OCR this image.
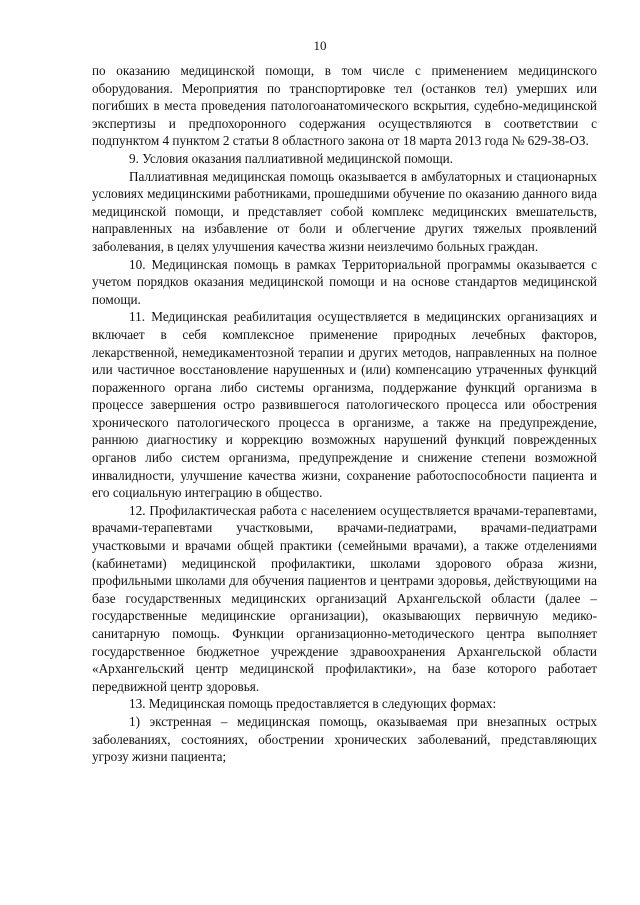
10

по оказанию медицинской помощи, в том числе с применением медицинского оборудования. Мероприятия по транспортировке тел (останков тел) умерших или погибших в места проведения патологоанатомического вскрытия, судебно-медицинской экспертизы и предпохоронного содержания осуществляются в соответствии с подпунктом 4 пунктом 2 статьи 8 областного закона от 18 марта 2013 года № 629-38-ОЗ.

9. Условия оказания паллиативной медицинской помощи.

Паллиативная медицинская помощь оказывается в амбулаторных и стационарных условиях медицинскими работниками, прошедшими обучение по оказанию данного вида медицинской помощи, и представляет собой комплекс медицинских вмешательств, направленных на избавление от боли и облегчение других тяжелых проявлений заболевания, в целях улучшения качества жизни неизлечимо больных граждан.

10. Медицинская помощь в рамках Территориальной программы оказывается с учетом порядков оказания медицинской помощи и на основе стандартов медицинской помощи.

11. Медицинская реабилитация осуществляется в медицинских организациях и включает в себя комплексное применение природных лечебных факторов, лекарственной, немедикаментозной терапии и других методов, направленных на полное или частичное восстановление нарушенных и (или) компенсацию утраченных функций пораженного органа либо системы организма, поддержание функций организма в процессе завершения остро развившегося патологического процесса или обострения хронического патологического процесса в организме, а также на предупреждение, раннюю диагностику и коррекцию возможных нарушений функций поврежденных органов либо систем организма, предупреждение и снижение степени возможной инвалидности, улучшение качества жизни, сохранение работоспособности пациента и его социальную интеграцию в общество.

12. Профилактическая работа с населением осуществляется врачами-терапевтами, врачами-терапевтами участковыми, врачами-педиатрами, врачами-педиатрами участковыми и врачами общей практики (семейными врачами), а также отделениями (кабинетами) медицинской профилактики, школами здорового образа жизни, профильными школами для обучения пациентов и центрами здоровья, действующими на базе государственных медицинских организаций Архангельской области (далее – государственные медицинские организации), оказывающих первичную медико-санитарную помощь. Функции организационно-методического центра выполняет государственное бюджетное учреждение здравоохранения Архангельской области «Архангельский центр медицинской профилактики», на базе которого работает передвижной центр здоровья.

13. Медицинская помощь предоставляется в следующих формах:

1) экстренная – медицинская помощь, оказываемая при внезапных острых заболеваниях, состояниях, обострении хронических заболеваний, представляющих угрозу жизни пациента;
